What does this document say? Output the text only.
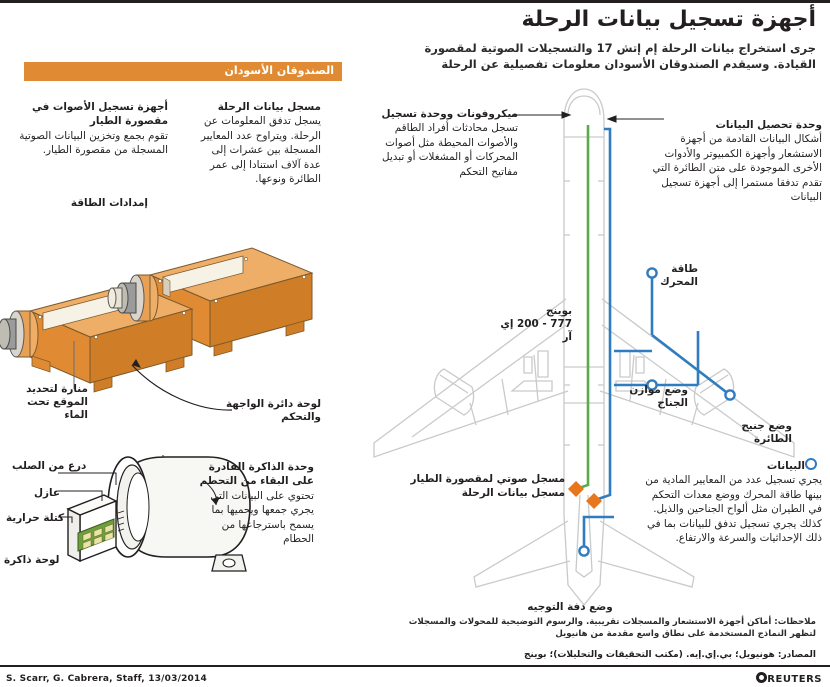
أجهزة تسجيل بيانات الرحلة
جرى استخراج بيانات الرحلة إم إتش 17 والتسجيلات الصوتية لمقصورة القيادة. وسيقدم الصندوقان الأسودان معلومات تفصيلية عن الرحلة
الصندوقان الأسودان
أجهزة تسجيل الأصوات في مقصورة الطيار
تقوم بجمع وتخزين البيانات الصوتية المسجلة من مقصورة الطيار.
مسجل بيانات الرحلة
يسجل تدفق المعلومات عن الرحلة. ويتراوح عدد المعايير المسجلة بين عشرات إلى عدة آلاف استنادا إلى عمر الطائرة ونوعها.
إمدادات الطاقة
منارة لتحديد الموقع تحت الماء
لوحة دائرة الواجهة والتحكم
درع من الصلب
عازل
كتلة حرارية
لوحة ذاكرة
وحدة الذاكرة القادرة على البقاء من التحطم
تحتوي على البيانات التي يجري جمعها ويحميها بما يسمح باسترجاعها من الحطام
بوينج
777 - 200 إي آر
ميكروفونات ووحدة تسجيل
تسجل محادثات أفراد الطاقم والأصوات المحيطة مثل أصوات المحركات أو المشغلات أو تبديل مفاتيح التحكم
وحدة تحصيل البيانات
أشكال البيانات القادمة من أجهزة الاستشعار وأجهزة الكمبيوتر والأدوات الأخرى الموجودة على متن الطائرة التي تقدم تدفقا مستمرا إلى أجهزة تسجيل البيانات
طاقة المحرك
وضع موازن الجناح
وضع جنيح الطائرة
وضع دفة التوجيه
مسجل صوتي لمقصورة الطيار
مسجل بيانات الرحلة
البيانات
يجري تسجيل عدد من المعايير المادية من بينها طاقة المحرك ووضع معدات التحكم في الطيران مثل ألواح الجناحين والذيل. كذلك يجري تسجيل تدفق للبيانات بما في ذلك الإحداثيات والسرعة والارتفاع.
ملاحظات: أماكن أجهزة الاستشعار والمسجلات تقريبية. والرسوم التوضيحية للمحولات والمسجلات لتظهر النماذج المستخدمة على نطاق واسع مقدمة من هانيويل
المصادر: هونيويل؛ بي.إي.إيه. (مكتب التحقيقات والتحليلات)؛ بوينج
S. Scarr, G. Cabrera, Staff, 13/03/2014	REUTERS
